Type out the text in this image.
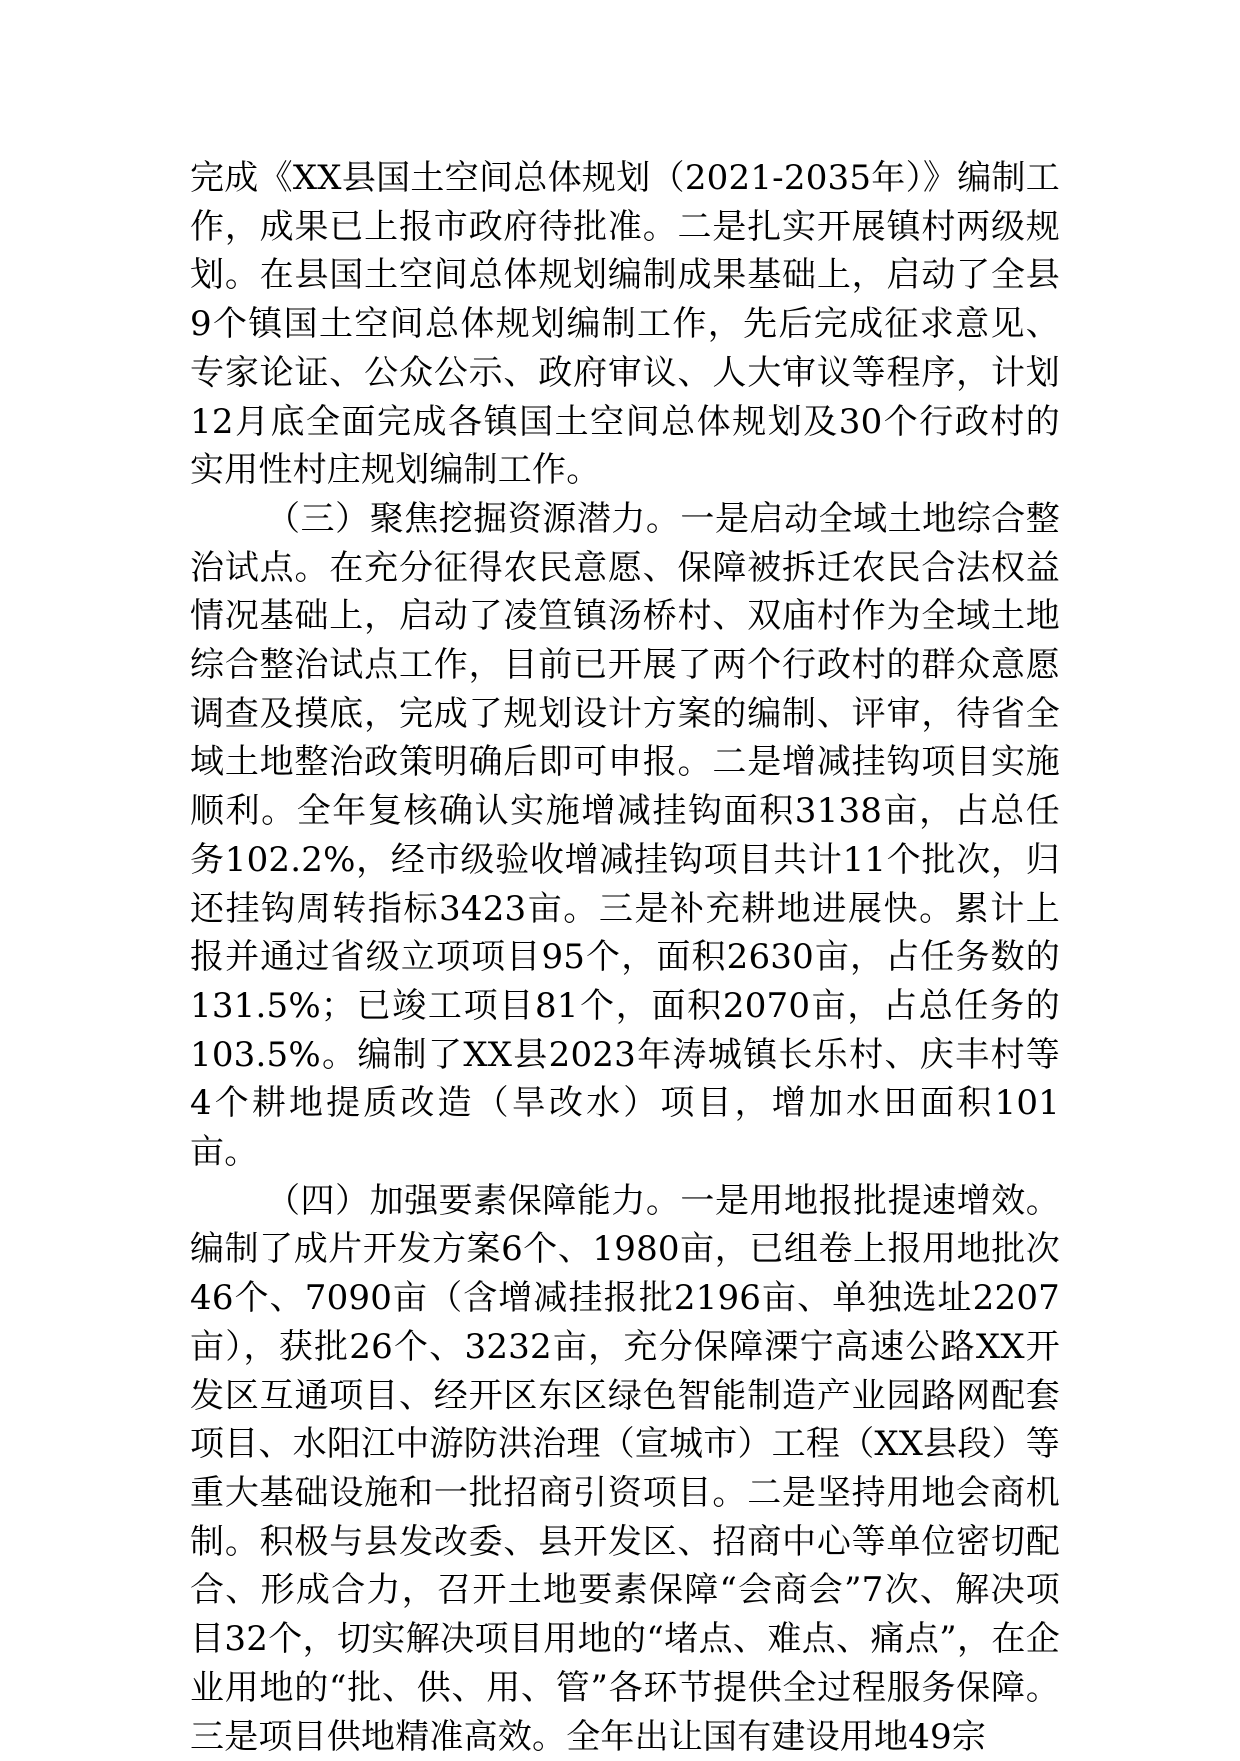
完成《XX县国土空间总体规划（2021-2035年）》编制工作，成果已上报市政府待批准。二是扎实开展镇村两级规划。在县国土空间总体规划编制成果基础上，启动了全县9个镇国土空间总体规划编制工作，先后完成征求意见、专家论证、公众公示、政府审议、人大审议等程序，计划12月底全面完成各镇国土空间总体规划及30个行政村的实用性村庄规划编制工作。

（三）聚焦挖掘资源潜力。一是启动全域土地综合整治试点。在充分征得农民意愿、保障被拆迁农民合法权益情况基础上，启动了凌笪镇汤桥村、双庙村作为全域土地综合整治试点工作，目前已开展了两个行政村的群众意愿调查及摸底，完成了规划设计方案的编制、评审，待省全域土地整治政策明确后即可申报。二是增减挂钩项目实施顺利。全年复核确认实施增减挂钩面积3138亩，占总任务102.2%，经市级验收增减挂钩项目共计11个批次，归还挂钩周转指标3423亩。三是补充耕地进展快。累计上报并通过省级立项项目95个，面积2630亩，占任务数的131.5%；已竣工项目81个，面积2070亩，占总任务的103.5%。编制了XX县2023年涛城镇长乐村、庆丰村等4个耕地提质改造（旱改水）项目，增加水田面积101亩。

（四）加强要素保障能力。一是用地报批提速增效。编制了成片开发方案6个、1980亩，已组卷上报用地批次46个、7090亩（含增减挂报批2196亩、单独选址2207亩），获批26个、3232亩，充分保障溧宁高速公路XX开发区互通项目、经开区东区绿色智能制造产业园路网配套项目、水阳江中游防洪治理（宣城市）工程（XX县段）等重大基础设施和一批招商引资项目。二是坚持用地会商机制。积极与县发改委、县开发区、招商中心等单位密切配合、形成合力，召开土地要素保障“会商会”7次、解决项目32个，切实解决项目用地的“堵点、难点、痛点”，在企业用地的“批、供、用、管”各环节提供全过程服务保障。三是项目供地精准高效。全年出让国有建设用地49宗
